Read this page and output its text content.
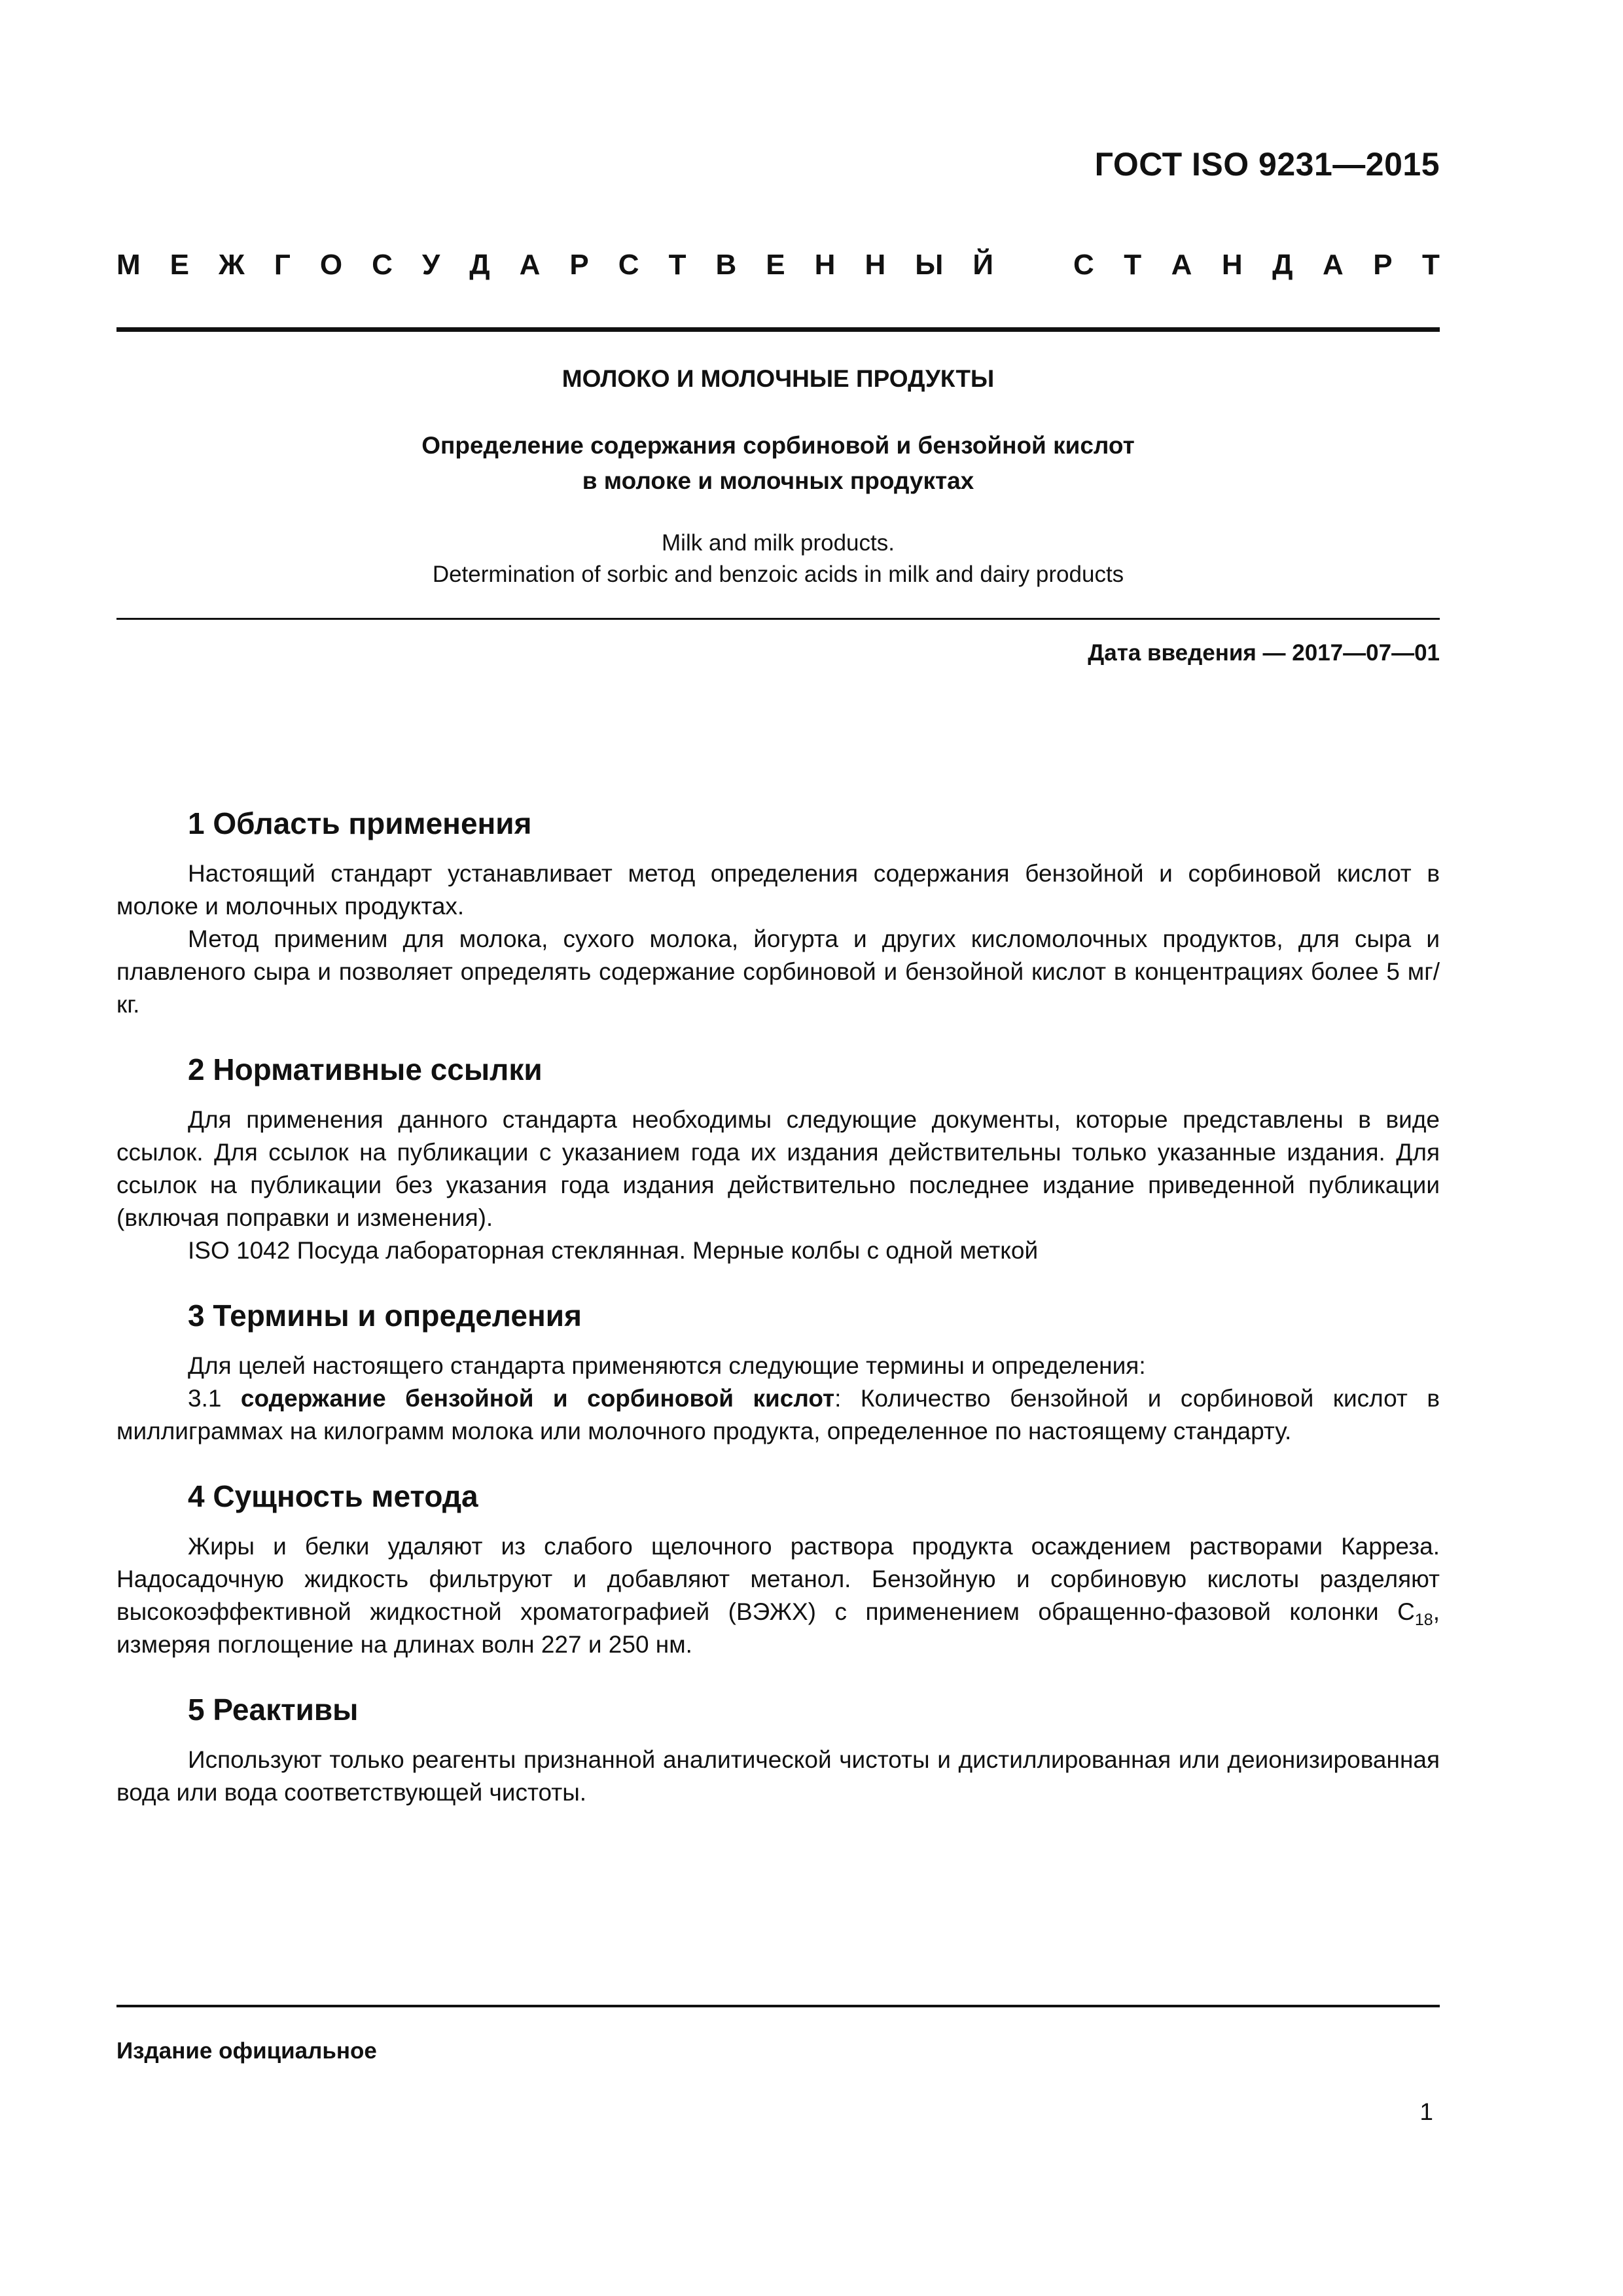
ГОСТ ISO 9231—2015
М Е Ж Г О С У Д А Р С Т В Е Н Н Ы Й	С Т А Н Д А Р Т
МОЛОКО И МОЛОЧНЫЕ ПРОДУКТЫ
Определение содержания сорбиновой и бензойной кислот
в молоке и молочных продуктах
Milk and milk products.
Determination of sorbic and benzoic acids in milk and dairy products
Дата введения — 2017—07—01
1 Область применения

Настоящий стандарт устанавливает метод определения содержания бензойной и сорбиновой кислот в молоке и молочных продуктах.

Метод применим для молока, сухого молока, йогурта и других кисломолочных продуктов, для сыра и плавленого сыра и позволяет определять содержание сорбиновой и бензойной кислот в концентрациях более 5 мг/кг.

2 Нормативные ссылки

Для применения данного стандарта необходимы следующие документы, которые представлены в виде ссылок. Для ссылок на публикации с указанием года их издания действительны только указанные издания. Для ссылок на публикации без указания года издания действительно последнее издание приведенной публикации (включая поправки и изменения).

ISO 1042 Посуда лабораторная стеклянная. Мерные колбы с одной меткой

3 Термины и определения

Для целей настоящего стандарта применяются следующие термины и определения:

3.1 содержание бензойной и сорбиновой кислот: Количество бензойной и сорбиновой кислот в миллиграммах на килограмм молока или молочного продукта, определенное по настоящему стандарту.

4 Сущность метода

Жиры и белки удаляют из слабого щелочного раствора продукта осаждением растворами Карреза. Надосадочную жидкость фильтруют и добавляют метанол. Бензойную и сорбиновую кислоты разделяют высокоэффективной жидкостной хроматографией (ВЭЖХ) с применением обращенно-фазовой колонки $С_{18}$, измеряя поглощение на длинах волн 227 и 250 нм.

5 Реактивы

Используют только реагенты признанной аналитической чистоты и дистиллированная или деионизированная вода или вода соответствующей чистоты.

Издание официальное
1
